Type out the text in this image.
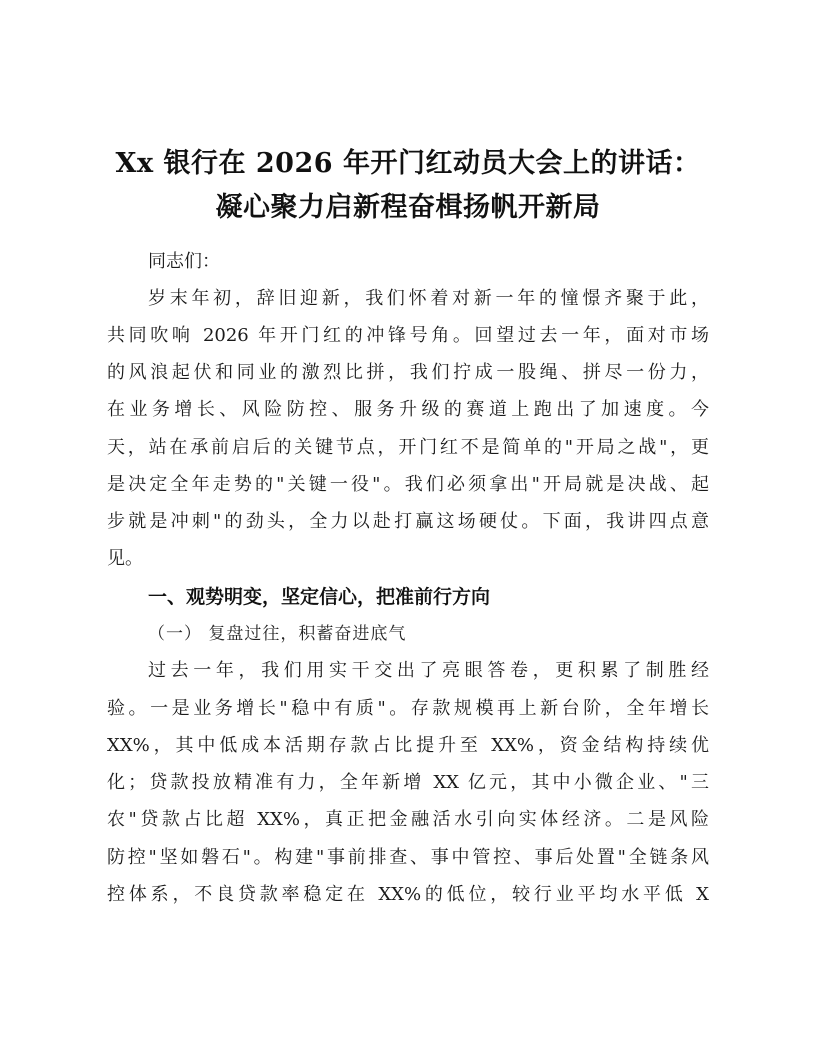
Xx 银行在 2026 年开门红动员大会上的讲话：
凝心聚力启新程奋楫扬帆开新局
同志们：
岁末年初，辞旧迎新，我们怀着对新一年的憧憬齐聚于此，
共同吹响 2026 年开门红的冲锋号角。回望过去一年，面对市场
的风浪起伏和同业的激烈比拼，我们拧成一股绳、拼尽一份力，
在业务增长、风险防控、服务升级的赛道上跑出了加速度。今
天，站在承前启后的关键节点，开门红不是简单的"开局之战"，更
是决定全年走势的"关键一役"。我们必须拿出"开局就是决战、起
步就是冲刺"的劲头，全力以赴打赢这场硬仗。下面，我讲四点意
见。
一、观势明变，坚定信心，把准前行方向
（一） 复盘过往，积蓄奋进底气
过去一年，我们用实干交出了亮眼答卷，更积累了制胜经
验。一是业务增长"稳中有质"。存款规模再上新台阶，全年增长
XX%，其中低成本活期存款占比提升至 XX%，资金结构持续优
化；贷款投放精准有力，全年新增 XX 亿元，其中小微企业、"三
农"贷款占比超 XX%，真正把金融活水引向实体经济。二是风险
防控"坚如磐石"。构建"事前排查、事中管控、事后处置"全链条风
控体系，不良贷款率稳定在 XX%的低位，较行业平均水平低 X
